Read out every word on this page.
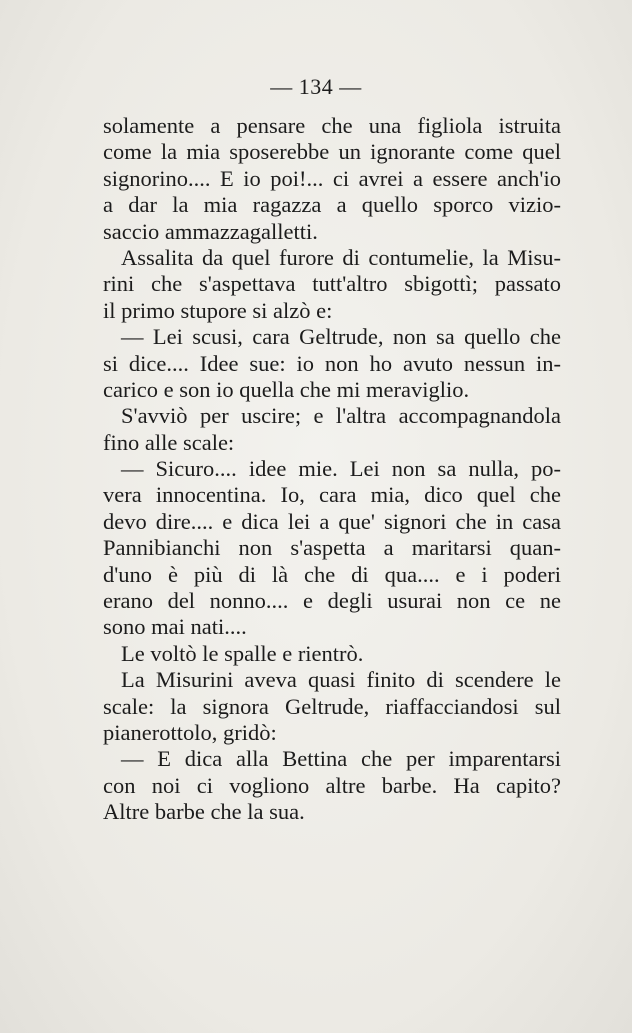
— 134 —
solamente a pensare che una figliola istruita
come la mia sposerebbe un ignorante come quel
signorino.... E io poi!... ci avrei a essere anch'io
a dar la mia ragazza a quello sporco vizio-
saccio ammazzagalletti.
Assalita da quel furore di contumelie, la Misu-
rini che s'aspettava tutt'altro sbigottì; passato
il primo stupore si alzò e:
— Lei scusi, cara Geltrude, non sa quello che
si dice.... Idee sue: io non ho avuto nessun in-
carico e son io quella che mi meraviglio.
S'avviò per uscire; e l'altra accompagnandola
fino alle scale:
— Sicuro.... idee mie. Lei non sa nulla, po-
vera innocentina. Io, cara mia, dico quel che
devo dire.... e dica lei a que' signori che in casa
Pannibianchi non s'aspetta a maritarsi quan-
d'uno è più di là che di qua.... e i poderi
erano del nonno.... e degli usurai non ce ne
sono mai nati....
Le voltò le spalle e rientrò.
La Misurini aveva quasi finito di scendere le
scale: la signora Geltrude, riaffacciandosi sul
pianerottolo, gridò:
— E dica alla Bettina che per imparentarsi
con noi ci vogliono altre barbe. Ha capito?
Altre barbe che la sua.
